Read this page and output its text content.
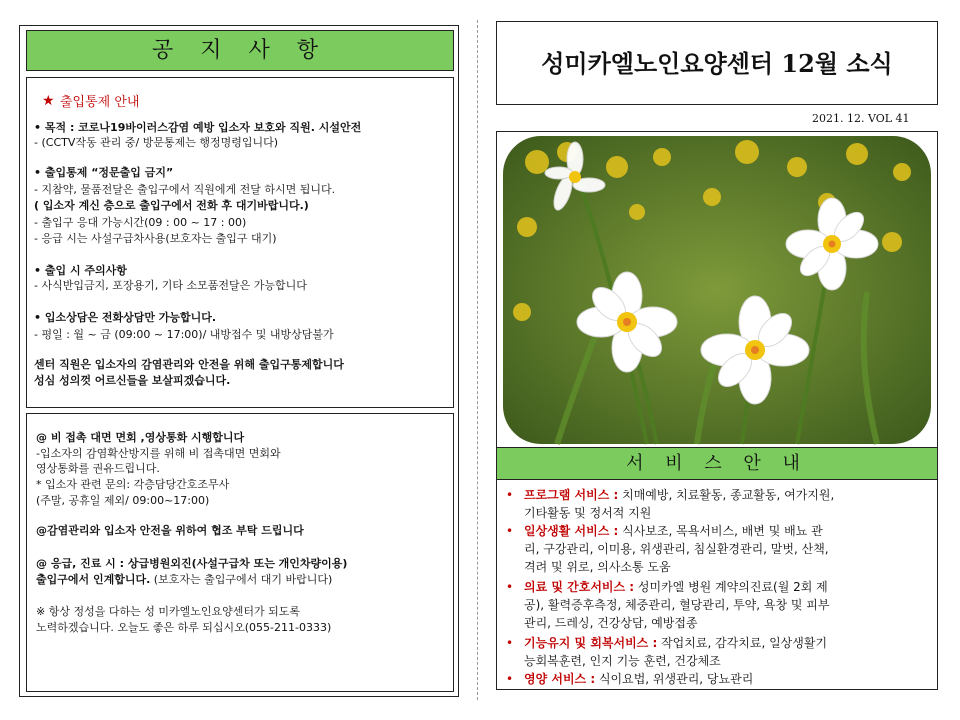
공 지 사 항
★ 출입통제 안내
• 목적 : 코로나19바이러스감염 예방 입소자 보호와 직원. 시설안전
- (CCTV작동 관리 중/ 방문통제는 행정명령입니다)
• 출입통제 “정문출입 금지”
- 지참약, 물품전달은 출입구에서 직원에게 전달 하시면 됩니다.
( 입소자 계신 층으로 출입구에서 전화 후 대기바랍니다.)
- 출입구 응대 가능시간(09 : 00 ~ 17 : 00)
- 응급 시는 사설구급차사용(보호자는 출입구 대기)
• 출입 시 주의사항
- 사식반입금지, 포장용기, 기타 소모품전달은 가능합니다
• 입소상담은 전화상담만 가능합니다.
- 평일 : 월 ~ 금 (09:00 ~ 17:00)/ 내방접수 및 내방상담불가
센터 직원은 입소자의 감염관리와 안전을 위해 출입구통제합니다
성심 성의껏 어르신들을 보살피겠습니다.
@ 비 접촉 대면 면회 ,영상통화 시행합니다
-입소자의 감염확산방지를 위해 비 접촉대면 면회와
영상통화를 권유드립니다.
* 입소자 관련 문의: 각층담당간호조무사
(주말, 공휴일 제외/ 09:00~17:00)
@감염관리와 입소자 안전을 위하여 협조 부탁 드립니다
@ 응급, 진료 시 : 상급병원외진(사설구급차 또는 개인차량이용)
출입구에서 인계합니다. (보호자는 출입구에서 대기 바랍니다)
※ 항상 정성을 다하는 성 미카엘노인요양센터가 되도록
노력하겠습니다. 오늘도 좋은 하루 되십시오(055-211-0333)
성미카엘노인요양센터 12월 소식
2021. 12. VOL 41
서 비 스 안 내
• 프로그램 서비스 : 치매예방, 치료활동, 종교활동, 여가지원,
기타활동 및 정서적 지원
• 일상생활 서비스 : 식사보조, 목욕서비스, 배변 및 배뇨 관
리, 구강관리, 이미용, 위생관리, 침실환경관리, 말벗, 산책,
격려 및 위로, 의사소통 도움
• 의료 및 간호서비스 : 성미카엘 병원 계약의진료(월 2회 제
공), 활력증후측정, 체중관리, 혈당관리, 투약, 욕창 및 피부
관리, 드레싱, 건강상담, 예방접종
• 기능유지 및 회복서비스 : 작업치료, 감각치료, 일상생활기
능회복훈련, 인지 기능 훈련, 건강체조
• 영양 서비스 : 식이요법, 위생관리, 당뇨관리
